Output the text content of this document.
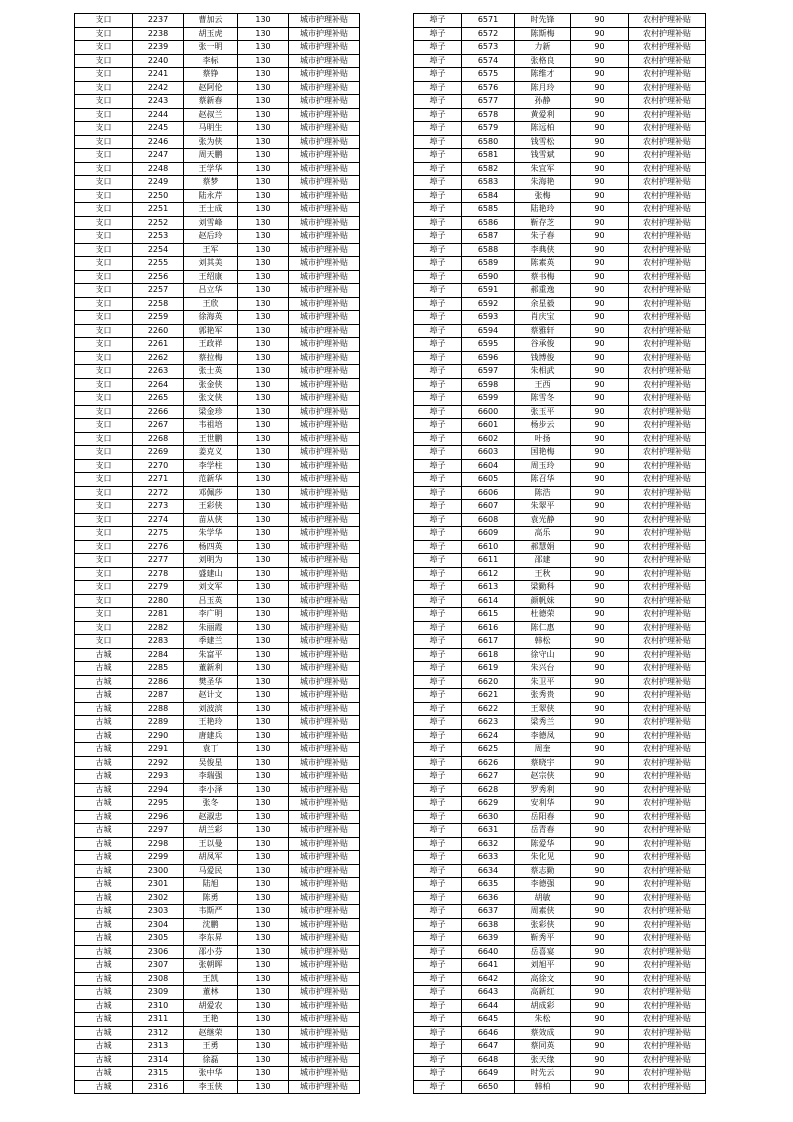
支口	2237	曹加云	130	城市护理补贴
支口	2238	胡玉虎	130	城市护理补贴
支口	2239	张一明	130	城市护理补贴
支口	2240	李标	130	城市护理补贴
支口	2241	蔡铮	130	城市护理补贴
支口	2242	赵阿伦	130	城市护理补贴
支口	2243	蔡新春	130	城市护理补贴
支口	2244	赵叔兰	130	城市护理补贴
支口	2245	马明生	130	城市护理补贴
支口	2246	张为侠	130	城市护理补贴
支口	2247	周天鹏	130	城市护理补贴
支口	2248	王学华	130	城市护理补贴
支口	2249	蔡梦	130	城市护理补贴
支口	2250	陆永芹	130	城市护理补贴
支口	2251	王士成	130	城市护理补贴
支口	2252	刘雪峰	130	城市护理补贴
支口	2253	赵后玲	130	城市护理补贴
支口	2254	王军	130	城市护理补贴
支口	2255	刘其美	130	城市护理补贴
支口	2256	王绍康	130	城市护理补贴
支口	2257	吕立华	130	城市护理补贴
支口	2258	王欣	130	城市护理补贴
支口	2259	徐海英	130	城市护理补贴
支口	2260	郭艳军	130	城市护理补贴
支口	2261	王政祥	130	城市护理补贴
支口	2262	蔡拉梅	130	城市护理补贴
支口	2263	张士英	130	城市护理补贴
支口	2264	张金侠	130	城市护理补贴
支口	2265	张文侠	130	城市护理补贴
支口	2266	梁金珍	130	城市护理补贴
支口	2267	韦祖培	130	城市护理补贴
支口	2268	王世鹏	130	城市护理补贴
支口	2269	姜克义	130	城市护理补贴
支口	2270	李学柱	130	城市护理补贴
支口	2271	范新华	130	城市护理补贴
支口	2272	邓佩莎	130	城市护理补贴
支口	2273	王彩侠	130	城市护理补贴
支口	2274	苗从侠	130	城市护理补贴
支口	2275	朱学华	130	城市护理补贴
支口	2276	杨四英	130	城市护理补贴
支口	2277	刘明为	130	城市护理补贴
支口	2278	盛建山	130	城市护理补贴
支口	2279	刘文军	130	城市护理补贴
支口	2280	吕玉英	130	城市护理补贴
支口	2281	李广明	130	城市护理补贴
支口	2282	朱丽霞	130	城市护理补贴
支口	2283	季建兰	130	城市护理补贴
古城	2284	朱富平	130	城市护理补贴
古城	2285	董新利	130	城市护理补贴
古城	2286	樊圣华	130	城市护理补贴
古城	2287	赵计文	130	城市护理补贴
古城	2288	刘波滨	130	城市护理补贴
古城	2289	王艳玲	130	城市护理补贴
古城	2290	唐建兵	130	城市护理补贴
古城	2291	袁丁	130	城市护理补贴
古城	2292	吴俊星	130	城市护理补贴
古城	2293	李瑞强	130	城市护理补贴
古城	2294	李小泽	130	城市护理补贴
古城	2295	张冬	130	城市护理补贴
古城	2296	赵淑忠	130	城市护理补贴
古城	2297	胡兰彩	130	城市护理补贴
古城	2298	王以曼	130	城市护理补贴
古城	2299	胡凤军	130	城市护理补贴
古城	2300	马爱民	130	城市护理补贴
古城	2301	陆旭	130	城市护理补贴
古城	2302	陈勇	130	城市护理补贴
古城	2303	韦斯严	130	城市护理补贴
古城	2304	沈鹏	130	城市护理补贴
古城	2305	李东昇	130	城市护理补贴
古城	2306	邵小芬	130	城市护理补贴
古城	2307	张朝晖	130	城市护理补贴
古城	2308	王凯	130	城市护理补贴
古城	2309	董林	130	城市护理补贴
古城	2310	胡爱农	130	城市护理补贴
古城	2311	王艳	130	城市护理补贴
古城	2312	赵继荣	130	城市护理补贴
古城	2313	王勇	130	城市护理补贴
古城	2314	徐磊	130	城市护理补贴
古城	2315	张中华	130	城市护理补贴
古城	2316	李玉侠	130	城市护理补贴
埠子	6571	时先锋	90	农村护理补贴
埠子	6572	陈斯梅	90	农村护理补贴
埠子	6573	力新	90	农村护理补贴
埠子	6574	张格良	90	农村护理补贴
埠子	6575	陈维才	90	农村护理补贴
埠子	6576	陈月玲	90	农村护理补贴
埠子	6577	孙静	90	农村护理补贴
埠子	6578	黄爱利	90	农村护理补贴
埠子	6579	陈远柏	90	农村护理补贴
埠子	6580	钱雪松	90	农村护理补贴
埠子	6581	钱雪斌	90	农村护理补贴
埠子	6582	朱宜军	90	农村护理补贴
埠子	6583	朱海艳	90	农村护理补贴
埠子	6584	张梅	90	农村护理补贴
埠子	6585	陆艳玲	90	农村护理补贴
埠子	6586	靳存芝	90	农村护理补贴
埠子	6587	朱子春	90	农村护理补贴
埠子	6588	李典侠	90	农村护理补贴
埠子	6589	陈素英	90	农村护理补贴
埠子	6590	蔡书梅	90	农村护理补贴
埠子	6591	郝重逸	90	农村护理补贴
埠子	6592	余星毅	90	农村护理补贴
埠子	6593	肖庆宝	90	农村护理补贴
埠子	6594	蔡雅轩	90	农村护理补贴
埠子	6595	谷承俊	90	农村护理补贴
埠子	6596	钱博俊	90	农村护理补贴
埠子	6597	朱相武	90	农村护理补贴
埠子	6598	王西	90	农村护理补贴
埠子	6599	陈雪冬	90	农村护理补贴
埠子	6600	张玉平	90	农村护理补贴
埠子	6601	杨步云	90	农村护理补贴
埠子	6602	叶扬	90	农村护理补贴
埠子	6603	国艳梅	90	农村护理补贴
埠子	6604	周玉玲	90	农村护理补贴
埠子	6605	陈召华	90	农村护理补贴
埠子	6606	陈浩	90	农村护理补贴
埠子	6607	朱翠平	90	农村护理补贴
埠子	6608	袁光静	90	农村护理补贴
埠子	6609	高乐	90	农村护理补贴
埠子	6610	郝慧娟	90	农村护理补贴
埠子	6611	邵建	90	农村护理补贴
埠子	6612	王秋	90	农村护理补贴
埠子	6613	梁勤科	90	农村护理补贴
埠子	6614	颜帆妹	90	农村护理补贴
埠子	6615	杜德荣	90	农村护理补贴
埠子	6616	陈仁惠	90	农村护理补贴
埠子	6617	韩松	90	农村护理补贴
埠子	6618	徐守山	90	农村护理补贴
埠子	6619	朱兴台	90	农村护理补贴
埠子	6620	朱卫平	90	农村护理补贴
埠子	6621	张秀贵	90	农村护理补贴
埠子	6622	王翠侠	90	农村护理补贴
埠子	6623	梁秀兰	90	农村护理补贴
埠子	6624	李德凤	90	农村护理补贴
埠子	6625	周奎	90	农村护理补贴
埠子	6626	蔡晓宇	90	农村护理补贴
埠子	6627	赵宗侠	90	农村护理补贴
埠子	6628	罗秀利	90	农村护理补贴
埠子	6629	安利华	90	农村护理补贴
埠子	6630	岳阳春	90	农村护理补贴
埠子	6631	岳青春	90	农村护理补贴
埠子	6632	陈爱华	90	农村护理补贴
埠子	6633	朱化见	90	农村护理补贴
埠子	6634	蔡志勤	90	农村护理补贴
埠子	6635	李德强	90	农村护理补贴
埠子	6636	胡敏	90	农村护理补贴
埠子	6637	周素侠	90	农村护理补贴
埠子	6638	张彩侠	90	农村护理补贴
埠子	6639	靳秀平	90	农村护理补贴
埠子	6640	岳喜宴	90	农村护理补贴
埠子	6641	刘旭平	90	农村护理补贴
埠子	6642	高徐文	90	农村护理补贴
埠子	6643	高新红	90	农村护理补贴
埠子	6644	胡成彩	90	农村护理补贴
埠子	6645	朱松	90	农村护理补贴
埠子	6646	蔡效成	90	农村护理补贴
埠子	6647	蔡同英	90	农村护理补贴
埠子	6648	张天缘	90	农村护理补贴
埠子	6649	时先云	90	农村护理补贴
埠子	6650	韩柏	90	农村护理补贴
